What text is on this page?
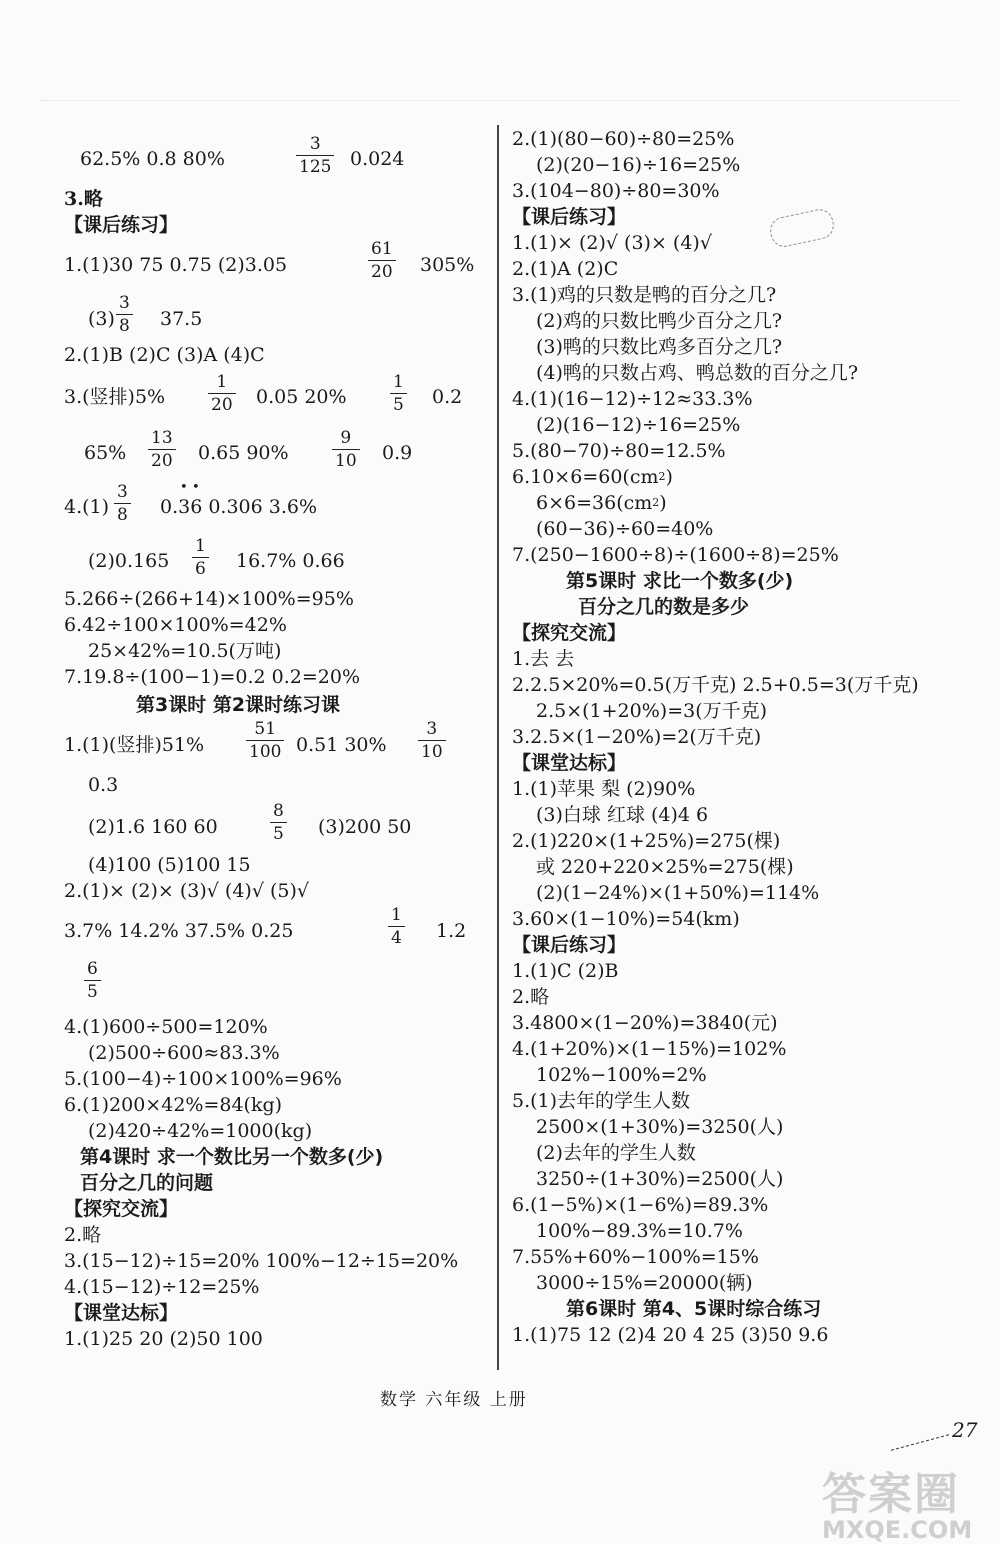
62.5% 0.8 80%	$\frac{3}{125} 0.024$
3.略
【课后练习】
1.(1)30 75 0.75 (2)3.05	$\frac{61}{20} 305\%$
$(3) \frac{3}{8} 37.5$
2.(1)B (2)C (3)A (4)C
3.(竖排)5%	$\frac{1}{20} 0.05$ 20%	$\frac{1}{5} 0.2$
$65\% \frac{13}{20} 0.65$ 90%	$\frac{9}{10} 0.9$
$4.(1) \frac{3}{8}$	• •
0.36 0.306 3.6%
$(2)0.165 \frac{1}{6} 16.7\%$ 0.66
5.266÷(266+14)×100%=95%
6.42÷100×100%=42%
25×42%=10.5(万吨)
7.19.8÷(100−1)=0.2 0.2=20%
第3课时 第2课时练习课
1.(1)(竖排)$51\% \frac{51}{100} 0.51$ $30\% \frac{3}{10}$
0.3
(2)1.6 160 60	$\frac{8}{5} (3)200$ 50
(4)100 (5)100 15
2.(1)× (2)× (3)√ (4)√ (5)√
3.7% 14.2% 37.5% 0.25	$\frac{1}{4} 1.2$
$\frac{6}{5}$
4.(1)600÷500=120%
(2)500÷600≈83.3%
5.(100−4)÷100×100%=96%
6.(1)200×42%=84(kg)
(2)420÷42%=1000(kg)
第4课时 求一个数比另一个数多(少)
百分之几的问题
【探究交流】
2.略
3.(15−12)÷15=20% 100%−12÷15=20%
4.(15−12)÷12=25%
【课堂达标】
1.(1)25 20 (2)50 100
2.(1)(80−60)÷80=25%
(2)(20−16)÷16=25%
3.(104−80)÷80=30%
【课后练习】
1.(1)× (2)√ (3)× (4)√
2.(1)A (2)C
3.(1)鸡的只数是鸭的百分之几?
(2)鸡的只数比鸭少百分之几?
(3)鸭的只数比鸡多百分之几?
(4)鸭的只数占鸡、鸭总数的百分之几?
4.(1)(16−12)÷12≈33.3%
(2)(16−12)÷16=25%
5.(80−70)÷80=12.5%
$6.10\times 6=60(cm^2)$
$6\times 6=36(cm^2)$
(60−36)÷60=40%
7.(250−1600÷8)÷(1600÷8)=25%
第5课时 求比一个数多(少)
百分之几的数是多少
【探究交流】
1.去 去
2.2.5×20%=0.5(万千克) 2.5+0.5=3(万千克)
2.5×(1+20%)=3(万千克)
3.2.5×(1−20%)=2(万千克)
【课堂达标】
1.(1)苹果 梨 (2)90%
(3)白球 红球 (4)4 6
2.(1)220×(1+25%)=275(棵)
或 220+220×25%=275(棵)
(2)(1−24%)×(1+50%)=114%
3.60×(1−10%)=54(km)
【课后练习】
1.(1)C (2)B
2.略
3.4800×(1−20%)=3840(元)
4.(1+20%)×(1−15%)=102%
102%−100%=2%
5.(1)去年的学生人数
2500×(1+30%)=3250(人)
(2)去年的学生人数
3250÷(1+30%)=2500(人)
6.(1−5%)×(1−6%)=89.3%
100%−89.3%=10.7%
7.55%+60%−100%=15%
3000÷15%=20000(辆)
第6课时 第4、5课时综合练习
1.(1)75 12 (2)4 20 4 25 (3)50 9.6
数学 六年级 上册
27
答案圈
MXQE.COM
